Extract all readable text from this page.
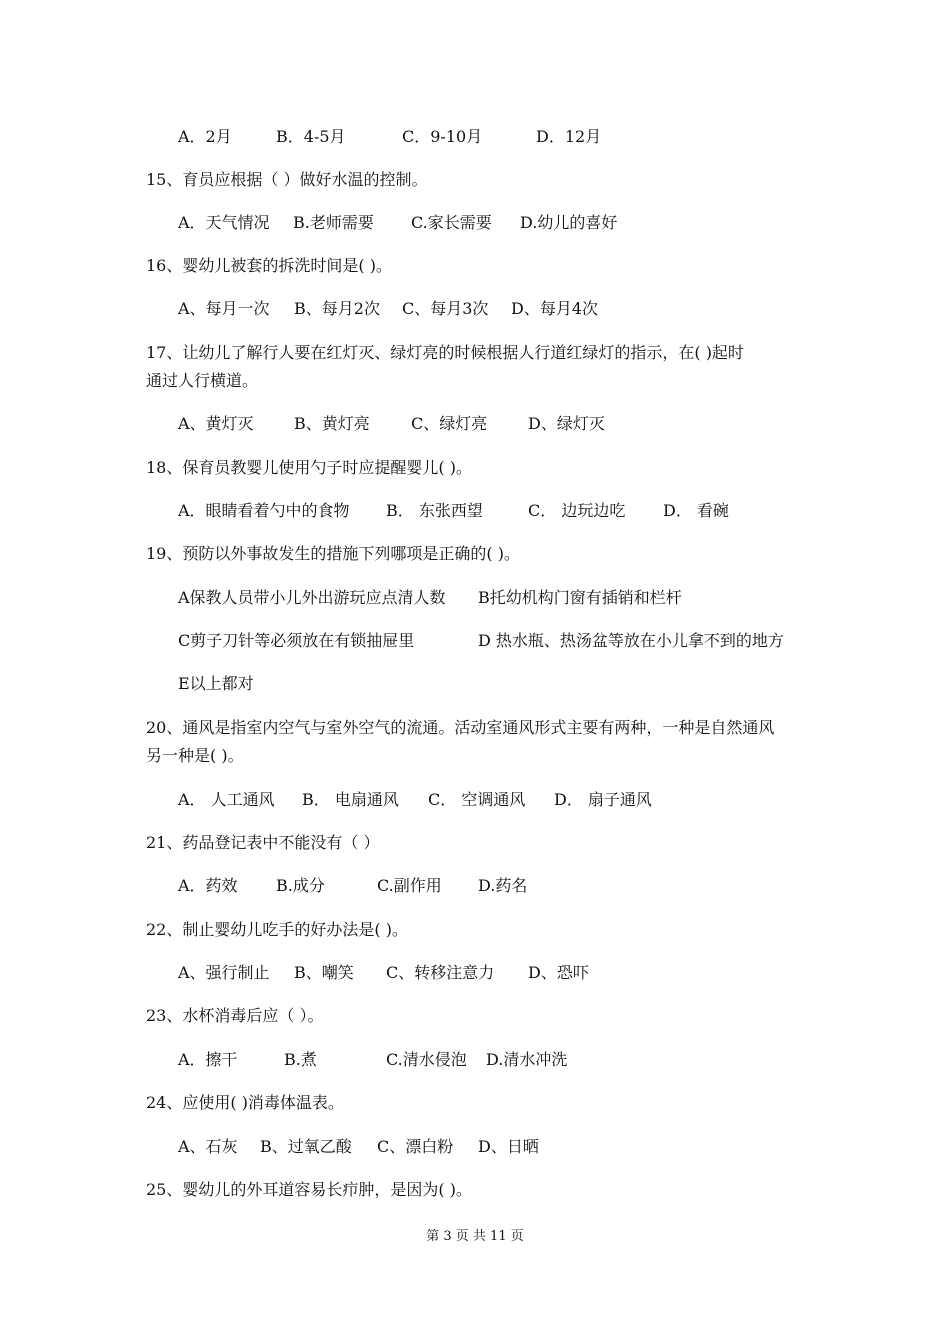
A．2月	B．4-5月	C．9-10月	D．12月
15、育员应根据（ ）做好水温的控制。
A．天气情况 B.老师需要 C.家长需要 D.幼儿的喜好
16、婴幼儿被套的拆洗时间是( )。
A、每月一次 B、每月2次 C、每月3次 D、每月4次
17、让幼儿了解行人要在红灯灭、绿灯亮的时候根据人行道红绿灯的指示，在( )起时
通过人行横道。
A、黄灯灭	B、黄灯亮	C、绿灯亮	D、绿灯灭
18、保育员教婴儿使用勺子时应提醒婴儿( )。
A．眼睛看着勺中的食物 B． 东张西望	C． 边玩边吃 D． 看碗
19、预防以外事故发生的措施下列哪项是正确的( )。
A保教人员带小儿外出游玩应点清人数 B托幼机构门窗有插销和栏杆
C剪子刀针等必须放在有锁抽屉里	D 热水瓶、热汤盆等放在小儿拿不到的地方
E以上都对
20、通风是指室内空气与室外空气的流通。活动室通风形式主要有两种，一种是自然通风
另一种是( )。
A． 人工通风 B． 电扇通风 C． 空调通风 D． 扇子通风
21、药品登记表中不能没有（ ）
A．药效 B.成分	C.副作用 D.药名
22、制止婴幼儿吃手的好办法是( )。
A、强行制止 B、嘲笑 C、转移注意力 D、恐吓
23、水杯消毒后应（ ）。
A．擦干	B.煮	C.清水侵泡 D.清水冲洗
24、应使用( )消毒体温表。
A、石灰 B、过氧乙酸 C、漂白粉 D、日晒
25、婴幼儿的外耳道容易长疖肿，是因为( )。
第 3 页 共 11 页
